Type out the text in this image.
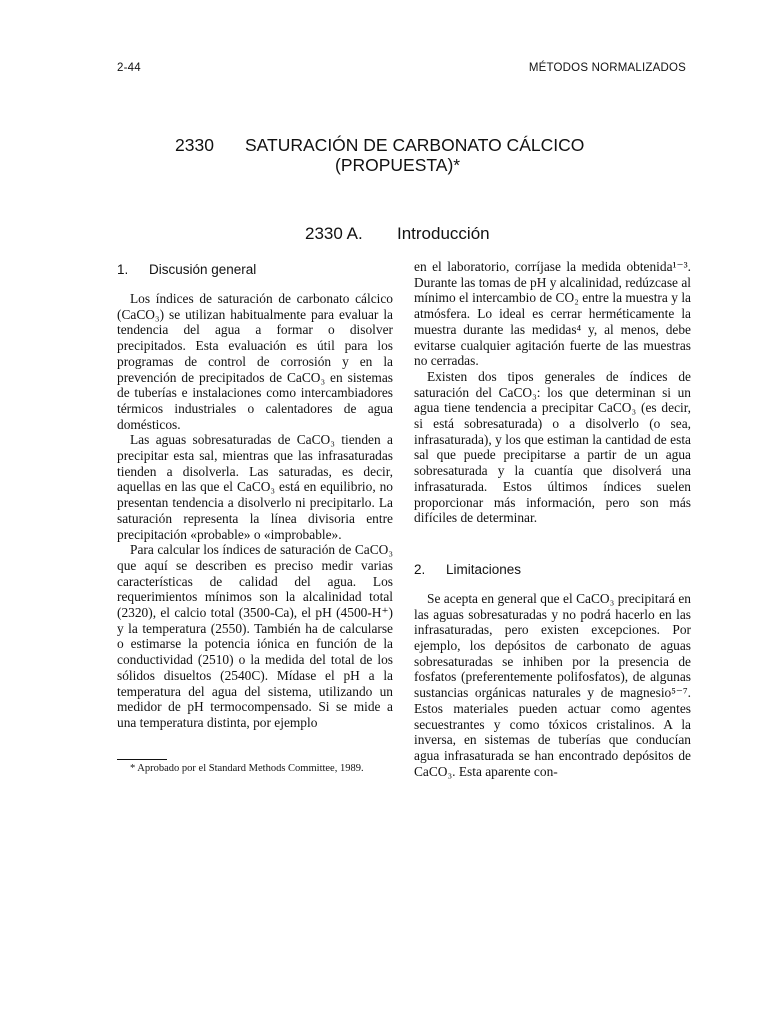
2-44	MÉTODOS NORMALIZADOS
2330 SATURACIÓN DE CARBONATO CÁLCICO
(PROPUESTA)*
2330 A. Introducción
1.	Discusión general

Los índices de saturación de carbonato cálcico (CaCO₃) se utilizan habitualmente para evaluar la tendencia del agua a formar o disolver precipitados. Esta evaluación es útil para los programas de control de corrosión y en la prevención de precipitados de CaCO₃ en sistemas de tuberías e instalaciones como intercambiadores térmicos industriales o calentadores de agua domésticos.

Las aguas sobresaturadas de CaCO₃ tienden a precipitar esta sal, mientras que las infrasaturadas tienden a disolverla. Las saturadas, es decir, aquellas en las que el CaCO₃ está en equilibrio, no presentan tendencia a disolverlo ni precipitarlo. La saturación representa la línea divisoria entre precipitación «probable» o «improbable».

Para calcular los índices de saturación de CaCO₃ que aquí se describen es preciso medir varias características de calidad del agua. Los requerimientos mínimos son la alcalinidad total (2320), el calcio total (3500-Ca), el pH (4500-H⁺) y la temperatura (2550). También ha de calcularse o estimarse la potencia iónica en función de la conductividad (2510) o la medida del total de los sólidos disueltos (2540C). Mídase el pH a la temperatura del agua del sistema, utilizando un medidor de pH termocompensado. Si se mide a una temperatura distinta, por ejemplo

* Aprobado por el Standard Methods Committee, 1989.

en el laboratorio, corríjase la medida obtenida¹⁻³. Durante las tomas de pH y alcalinidad, redúzcase al mínimo el intercambio de CO₂ entre la muestra y la atmósfera. Lo ideal es cerrar herméticamente la muestra durante las medidas⁴ y, al menos, debe evitarse cualquier agitación fuerte de las muestras no cerradas.

Existen dos tipos generales de índices de saturación del CaCO₃: los que determinan si un agua tiene tendencia a precipitar CaCO₃ (es decir, si está sobresaturada) o a disolverlo (o sea, infrasaturada), y los que estiman la cantidad de esta sal que puede precipitarse a partir de un agua sobresaturada y la cuantía que disolverá una infrasaturada. Estos últimos índices suelen proporcionar más información, pero son más difíciles de determinar.

2.	Limitaciones

Se acepta en general que el CaCO₃ precipitará en las aguas sobresaturadas y no podrá hacerlo en las infrasaturadas, pero existen excepciones. Por ejemplo, los depósitos de carbonato de aguas sobresaturadas se inhiben por la presencia de fosfatos (preferentemente polifosfatos), de algunas sustancias orgánicas naturales y de magnesio⁵⁻⁷. Estos materiales pueden actuar como agentes secuestrantes y como tóxicos cristalinos. A la inversa, en sistemas de tuberías que conducían agua infrasaturada se han encontrado depósitos de CaCO₃. Esta aparente con-
